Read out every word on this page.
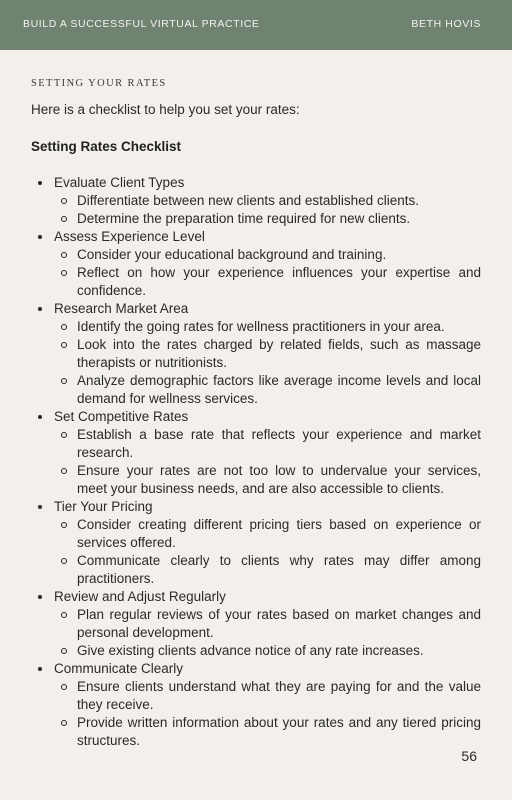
BUILD A SUCCESSFUL VIRTUAL PRACTICE	BETH HOVIS
SETTING YOUR RATES
Here is a checklist to help you set your rates:
Setting Rates Checklist
Evaluate Client Types
Differentiate between new clients and established clients.
Determine the preparation time required for new clients.
Assess Experience Level
Consider your educational background and training.
Reflect on how your experience influences your expertise and confidence.
Research Market Area
Identify the going rates for wellness practitioners in your area.
Look into the rates charged by related fields, such as massage therapists or nutritionists.
Analyze demographic factors like average income levels and local demand for wellness services.
Set Competitive Rates
Establish a base rate that reflects your experience and market research.
Ensure your rates are not too low to undervalue your services, meet your business needs, and are also accessible to clients.
Tier Your Pricing
Consider creating different pricing tiers based on experience or services offered.
Communicate clearly to clients why rates may differ among practitioners.
Review and Adjust Regularly
Plan regular reviews of your rates based on market changes and personal development.
Give existing clients advance notice of any rate increases.
Communicate Clearly
Ensure clients understand what they are paying for and the value they receive.
Provide written information about your rates and any tiered pricing structures.
56
